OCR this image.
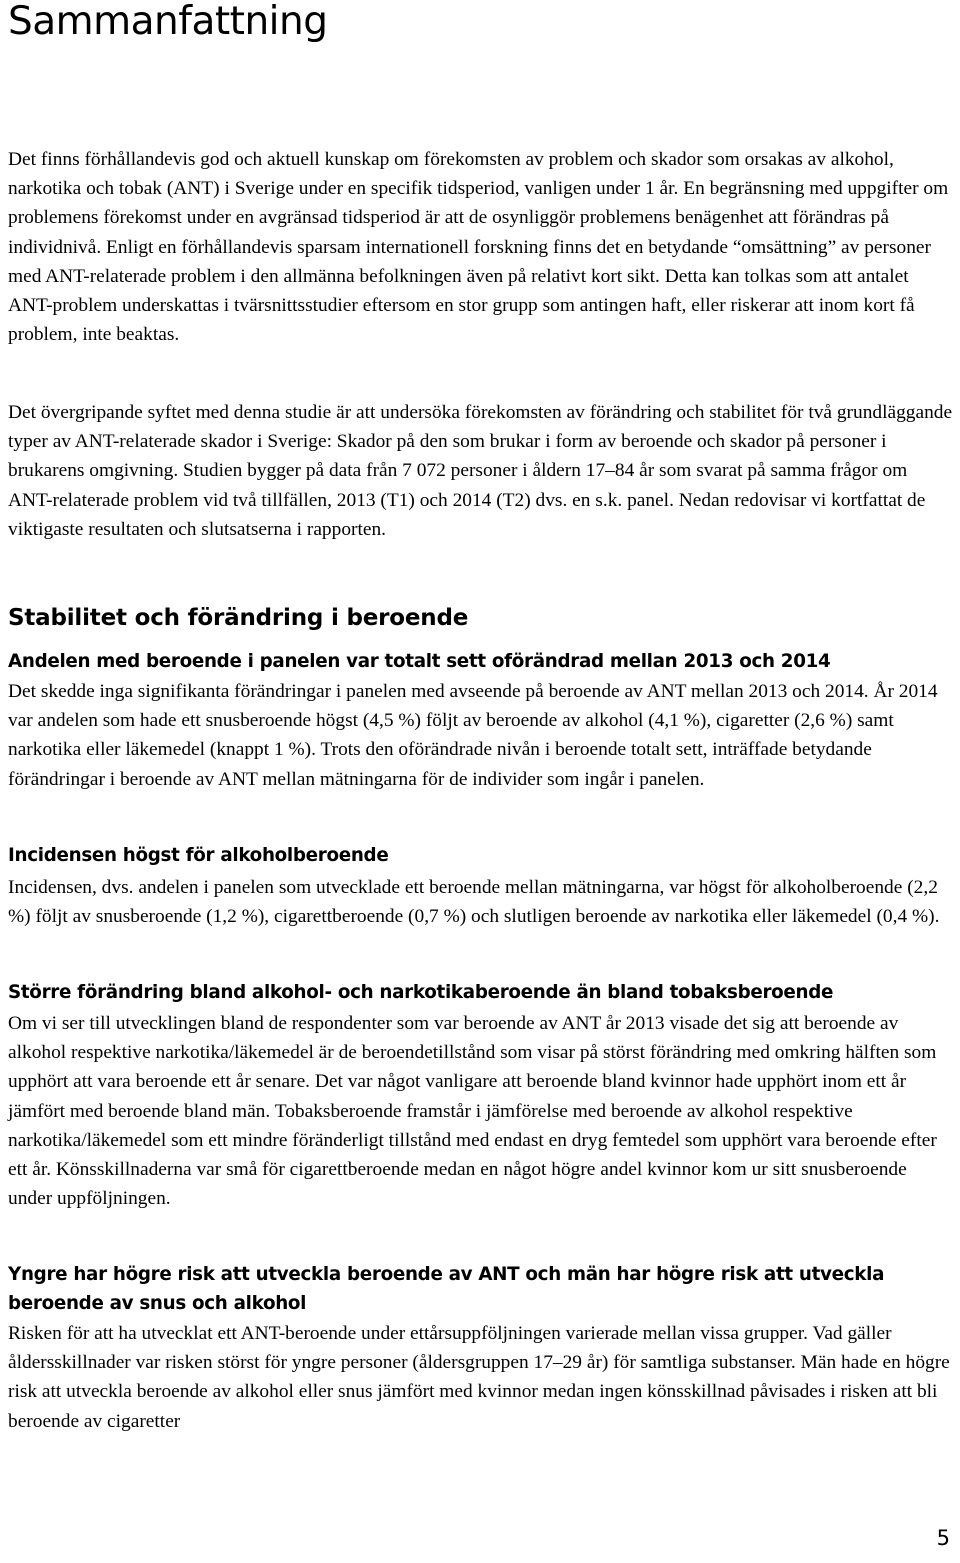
Sammanfattning

Det finns förhållandevis god och aktuell kunskap om förekomsten av problem och skador som orsakas av alkohol, narkotika och tobak (ANT) i Sverige under en specifik tidsperiod, vanligen under 1 år. En begränsning med uppgifter om problemens förekomst under en avgränsad tidsperiod är att de osynliggör problemens benägenhet att förändras på individnivå. Enligt en förhållandevis sparsam internationell forskning finns det en betydande “omsättning” av personer med ANT-relaterade problem i den allmänna befolkningen även på relativt kort sikt. Detta kan tolkas som att antalet ANT-problem underskattas i tvärsnittsstudier eftersom en stor grupp som antingen haft, eller riskerar att inom kort få problem, inte beaktas.

Det övergripande syftet med denna studie är att undersöka förekomsten av förändring och stabilitet för två grundläggande typer av ANT-relaterade skador i Sverige: Skador på den som brukar i form av beroende och skador på personer i brukarens omgivning. Studien bygger på data från 7 072 personer i åldern 17–84 år som svarat på samma frågor om ANT-relaterade problem vid två tillfällen, 2013 (T1) och 2014 (T2) dvs. en s.k. panel. Nedan redovisar vi kortfattat de viktigaste resultaten och slutsatserna i rapporten.

Stabilitet och förändring i beroende
Andelen med beroende i panelen var totalt sett oförändrad mellan 2013 och 2014

Det skedde inga signifikanta förändringar i panelen med avseende på beroende av ANT mellan 2013 och 2014. År 2014 var andelen som hade ett snusberoende högst (4,5 %) följt av beroende av alkohol (4,1 %), cigaretter (2,6 %) samt narkotika eller läkemedel (knappt 1 %). Trots den oförändrade nivån i beroende totalt sett, inträffade betydande förändringar i beroende av ANT mellan mätningarna för de individer som ingår i panelen.

Incidensen högst för alkoholberoende

Incidensen, dvs. andelen i panelen som utvecklade ett beroende mellan mätningarna, var högst för alkoholberoende (2,2 %) följt av snusberoende (1,2 %), cigarettberoende (0,7 %) och slutligen beroende av narkotika eller läkemedel (0,4 %).

Större förändring bland alkohol- och narkotikaberoende än bland tobaksberoende

Om vi ser till utvecklingen bland de respondenter som var beroende av ANT år 2013 visade det sig att beroende av alkohol respektive narkotika/läkemedel är de beroendetillstånd som visar på störst förändring med omkring hälften som upphört att vara beroende ett år senare. Det var något vanligare att beroende bland kvinnor hade upphört inom ett år jämfört med beroende bland män. Tobaksberoende framstår i jämförelse med beroende av alkohol respektive narkotika/läkemedel som ett mindre föränderligt tillstånd med endast en dryg femtedel som upphört vara beroende efter ett år. Könsskillnaderna var små för cigarettberoende medan en något högre andel kvinnor kom ur sitt snusberoende under uppföljningen.

Yngre har högre risk att utveckla beroende av ANT och män har högre risk att utveckla beroende av snus och alkohol

Risken för att ha utvecklat ett ANT-beroende under ettårsuppföljningen varierade mellan vissa grupper. Vad gäller åldersskillnader var risken störst för yngre personer (åldersgruppen 17–29 år) för samtliga substanser. Män hade en högre risk att utveckla beroende av alkohol eller snus jämfört med kvinnor medan ingen könsskillnad påvisades i risken att bli beroende av cigaretter

5
